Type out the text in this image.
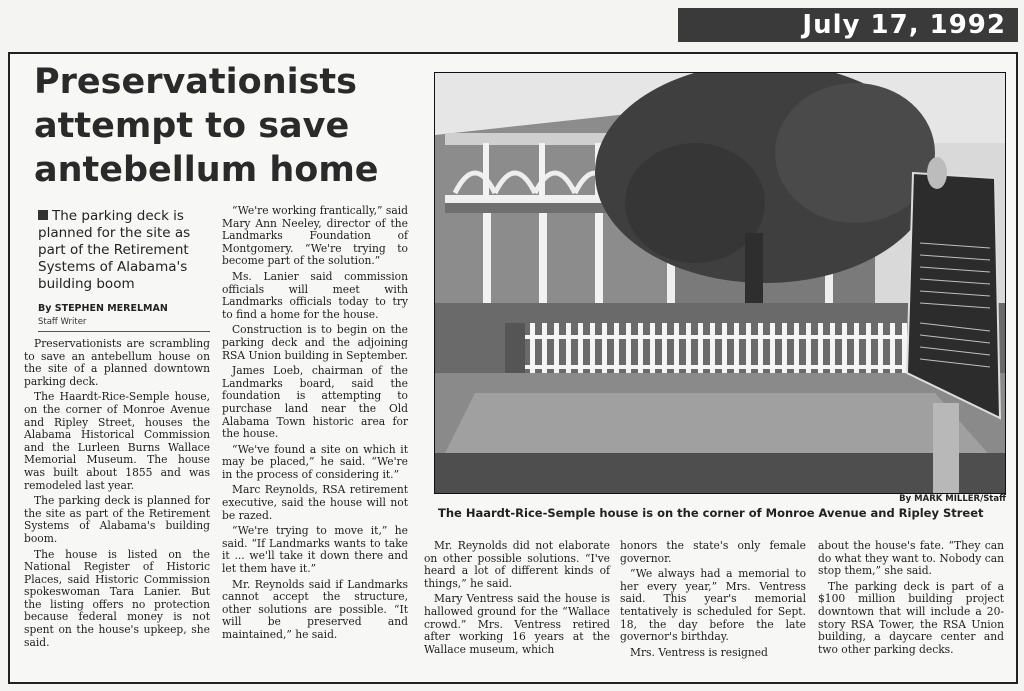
July 17, 1992
Preservationists attempt to save antebellum home
The parking deck is planned for the site as part of the Retirement Systems of Alabama's building boom
By STEPHEN MERELMAN
Staff Writer

Preservationists are scrambling to save an antebellum house on the site of a planned downtown parking deck.

The Haardt-Rice-Semple house, on the corner of Monroe Avenue and Ripley Street, houses the Alabama Historical Commission and the Lurleen Burns Wallace Memorial Museum. The house was built about 1855 and was remodeled last year.

The parking deck is planned for the site as part of the Retirement Systems of Alabama's building boom.

The house is listed on the National Register of Historic Places, said Historic Commission spokeswoman Tara Lanier. But the listing offers no protection because federal money is not spent on the house's upkeep, she said.

“We're working frantically,” said Mary Ann Neeley, director of the Landmarks Foundation of Montgomery. “We're trying to become part of the solution.”

Ms. Lanier said commission officials will meet with Landmarks officials today to try to find a home for the house.

Construction is to begin on the parking deck and the adjoining RSA Union building in September.

James Loeb, chairman of the Landmarks board, said the foundation is attempting to purchase land near the Old Alabama Town historic area for the house.

“We've found a site on which it may be placed,” he said. “We're in the process of considering it.”

Marc Reynolds, RSA retirement executive, said the house will not be razed.

“We're trying to move it,” he said. “If Landmarks wants to take it ... we'll take it down there and let them have it.”

Mr. Reynolds said if Landmarks cannot accept the structure, other solutions are possible. “It will be preserved and maintained,” he said.

By MARK MILLER/Staff
The Haardt-Rice-Semple house is on the corner of Monroe Avenue and Ripley Street

Mr. Reynolds did not elaborate on other possible solutions. “I've heard a lot of different kinds of things,” he said.

Mary Ventress said the house is hallowed ground for the “Wallace crowd.” Mrs. Ventress retired after working 16 years at the Wallace museum, which

honors the state's only female governor.

“We always had a memorial to her every year,” Mrs. Ventress said. This year's memorial tentatively is scheduled for Sept. 18, the day before the late governor's birthday.

Mrs. Ventress is resigned

about the house's fate. “They can do what they want to. Nobody can stop them,” she said.

The parking deck is part of a $100 million building project downtown that will include a 20-story RSA Tower, the RSA Union building, a daycare center and two other parking decks.
